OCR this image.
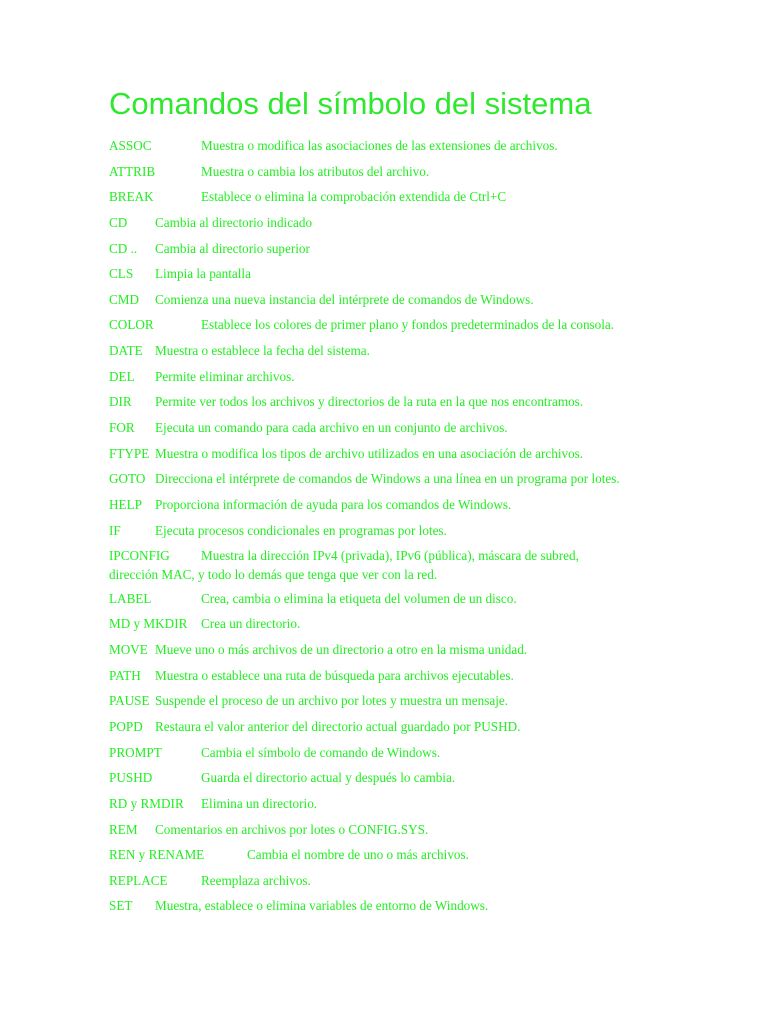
Comandos del símbolo del sistema
ASSOC	Muestra o modifica las asociaciones de las extensiones de archivos.
ATTRIB	Muestra o cambia los atributos del archivo.
BREAK	Establece o elimina la comprobación extendida de Ctrl+C
CD Cambia al directorio indicado
CD .. Cambia al directorio superior
CLS Limpia la pantalla
CMD Comienza una nueva instancia del intérprete de comandos de Windows.
COLOR	Establece los colores de primer plano y fondos predeterminados de la consola.
DATE Muestra o establece la fecha del sistema.
DEL Permite eliminar archivos.
DIR Permite ver todos los archivos y directorios de la ruta en la que nos encontramos.
FOR Ejecuta un comando para cada archivo en un conjunto de archivos.
FTYPE Muestra o modifica los tipos de archivo utilizados en una asociación de archivos.
GOTO Direcciona el intérprete de comandos de Windows a una línea en un programa por lotes.
HELP Proporciona información de ayuda para los comandos de Windows.
IF	Ejecuta procesos condicionales en programas por lotes.
IPCONFIG Muestra la dirección IPv4 (privada), IPv6 (pública), máscara de subred,
dirección MAC, y todo lo demás que tenga que ver con la red.
LABEL	Crea, cambia o elimina la etiqueta del volumen de un disco.
MD y MKDIR Crea un directorio.
MOVE Mueve uno o más archivos de un directorio a otro en la misma unidad.
PATH Muestra o establece una ruta de búsqueda para archivos ejecutables.
PAUSE Suspende el proceso de un archivo por lotes y muestra un mensaje.
POPD Restaura el valor anterior del directorio actual guardado por PUSHD.
PROMPT	Cambia el símbolo de comando de Windows.
PUSHD	Guarda el directorio actual y después lo cambia.
RD y RMDIR Elimina un directorio.
REM Comentarios en archivos por lotes o CONFIG.SYS.
REN y RENAME	Cambia el nombre de uno o más archivos.
REPLACE	Reemplaza archivos.
SET Muestra, establece o elimina variables de entorno de Windows.
